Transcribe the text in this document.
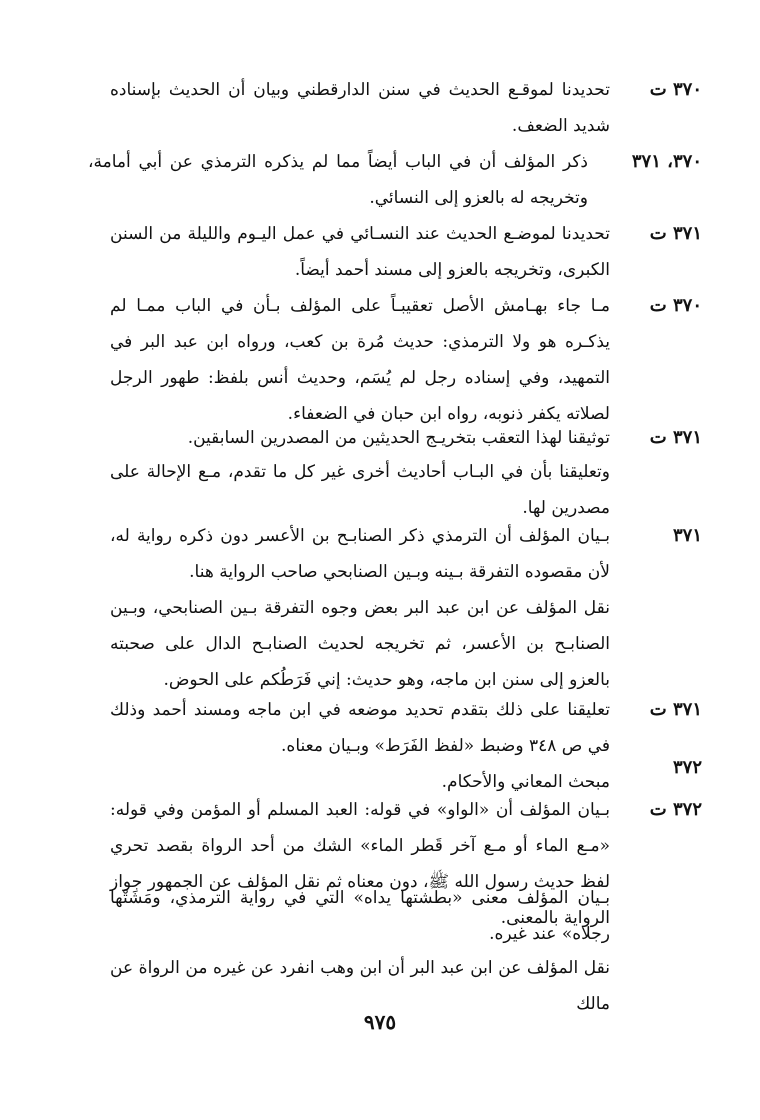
٣٧٠ ت
تحديدنا لموقـع الحديث في سنن الدارقطني وبيان أن الحديث بإسناده شديد الضعف.
٣٧٠، ٣٧١
ذكر المؤلف أن في الباب أيضاً مما لم يذكره الترمذي عن أبي أمامة، وتخريجه له بالعزو إلى النسائي.
٣٧١ ت
تحديدنا لموضـع الحديث عند النسـائي في عمل اليـوم والليلة من السنن الكبرى، وتخريجه بالعزو إلى مسند أحمد أيضاً.
٣٧٠ ت
مـا جاء بهـامش الأصل تعقيبـاً على المؤلف بـأن في الباب ممـا لم يذكـره هو ولا الترمذي: حديث مُرة بن كعب، ورواه ابن عبد البر في التمهيد، وفي إسناده رجل لم يُسَم، وحديث أنس بلفظ: طهور الرجل لصلاته يكفر ذنوبه، رواه ابن حبان في الضعفاء.
٣٧١ ت
توثيقنا لهذا التعقب بتخريـج الحديثين من المصدرين السابقين.
وتعليقنا بأن في البـاب أحاديث أخرى غير كل ما تقدم، مـع الإحالة على مصدرين لها.
٣٧١
بـيان المؤلف أن الترمذي ذكر الصنابـح بن الأعسر دون ذكره رواية له، لأن مقصوده التفرقة بـينه وبـين الصنابحي صاحب الرواية هنا.
نقل المؤلف عن ابن عبد البر بعض وجوه التفرقة بـين الصنابحي، وبـين الصنابـح بن الأعسر، ثم تخريجه لحديث الصنابـح الدال على صحبته بالعزو إلى سنن ابن ماجه، وهو حديث: إني فَرَطُكم على الحوض.
٣٧١ ت
تعليقنا على ذلك بتقدم تحديد موضعه في ابن ماجه ومسند أحمد وذلك في ص ٣٤٨ وضبط «لفظ الفَرَط» وبـيان معناه.
٣٧٢
مبحث المعاني والأحكام.
٣٧٢ ت
بـيان المؤلف أن «الواو» في قوله: العبد المسلم أو المؤمن وفي قوله: «مـع الماء أو مـع آخر قَطر الماء» الشك من أحد الرواة بقصد تحري لفظ حديث رسول الله ﷺ، دون معناه ثم نقل المؤلف عن الجمهور جواز الرواية بالمعنى.
بـيان المؤلف معنى «بطشتها يداه» التي في رواية الترمذي، ومَشَتْها رجلاه» عند غيره.
نقل المؤلف عن ابن عبد البر أن ابن وهب انفرد عن غيره من الرواة عن مالك
٩٧٥
